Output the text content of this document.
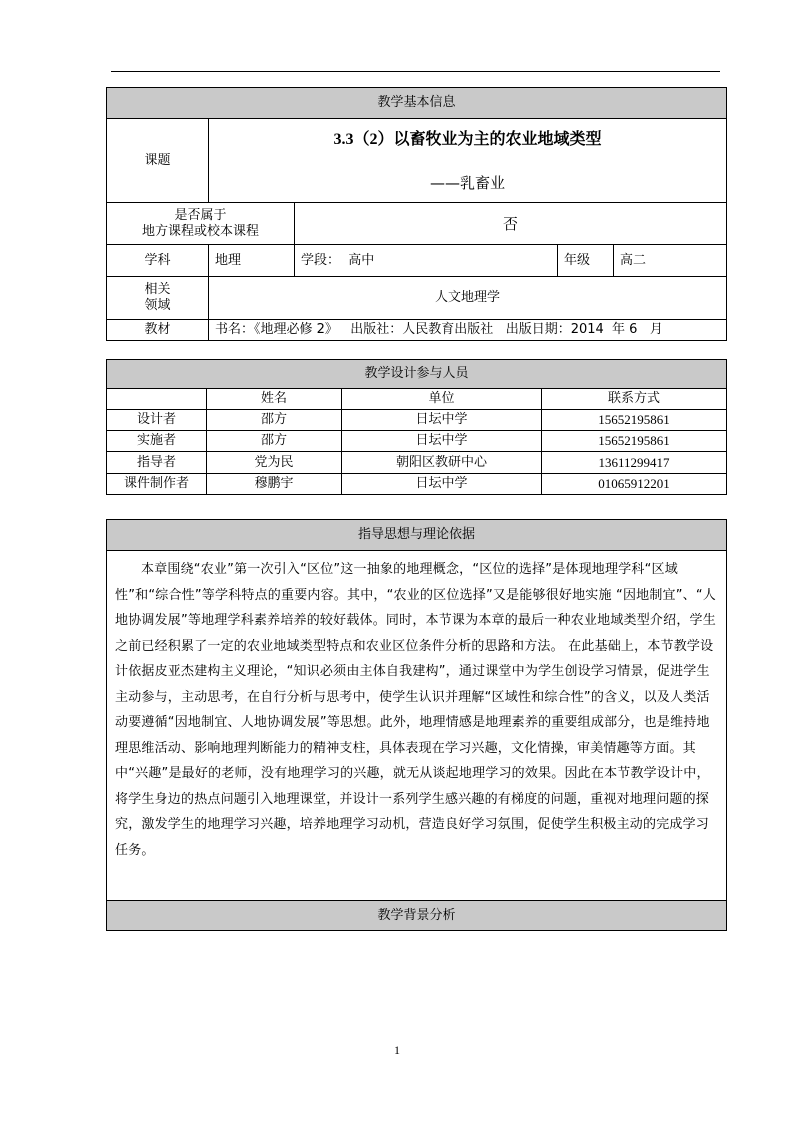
教学基本信息				
课题	3.3（2）以畜牧业为主的农业地域类型
——乳畜业			

是否属于
地方课程或校本课程		否		
学科	地理	学段： 高中	年级	高二

相关
领域	人文地理学			
教材	书名：《地理必修 2》   出版社：人民教育出版社   出版日期：2014  年 6   月			
教学设计参与人员			
	姓名	单位	联系方式
设计者	邵方	日坛中学	15652195861
实施者	邵方	日坛中学	15652195861
指导者	党为民	朝阳区教研中心	13611299417
课件制作者	穆鹏宇	日坛中学	01065912201
指导思想与理论依据

本章围绕“农业”第一次引入“区位”这一抽象的地理概念，“区位的选择”是体现地理学科“区域性”和“综合性”等学科特点的重要内容。其中，“农业的区位选择”又是能够很好地实施 “因地制宜”、“人地协调发展”等地理学科素养培养的较好载体。同时，本节课为本章的最后一种农业地域类型介绍，学生之前已经积累了一定的农业地域类型特点和农业区位条件分析的思路和方法。 在此基础上，本节教学设计依据皮亚杰建构主义理论，“知识必须由主体自我建构”，通过课堂中为学生创设学习情景，促进学生主动参与，主动思考，在自行分析与思考中，使学生认识并理解“区域性和综合性”的含义，以及人类活动要遵循“因地制宜、人地协调发展”等思想。此外，地理情感是地理素养的重要组成部分，也是维持地理思维活动、影响地理判断能力的精神支柱，具体表现在学习兴趣，文化情操，审美情趣等方面。其中“兴趣”是最好的老师，没有地理学习的兴趣，就无从谈起地理学习的效果。因此在本节教学设计中，将学生身边的热点问题引入地理课堂，并设计一系列学生感兴趣的有梯度的问题，重视对地理问题的探究，激发学生的地理学习兴趣，培养地理学习动机，营造良好学习氛围，促使学生积极主动的完成学习任务。

教学背景分析
1
